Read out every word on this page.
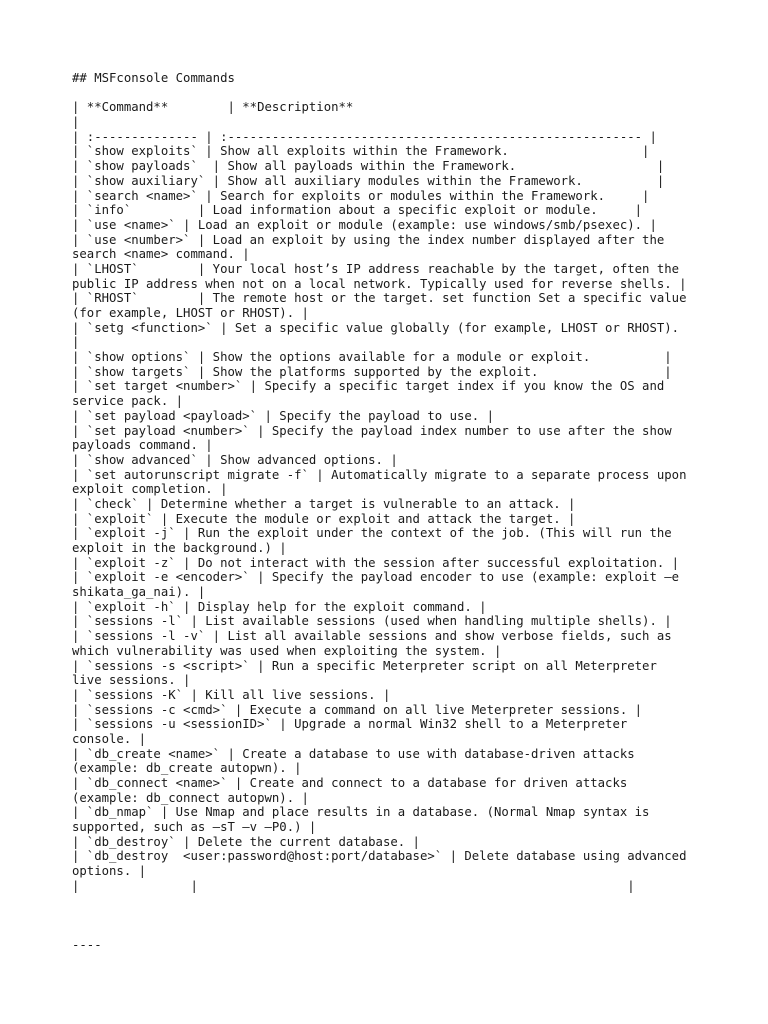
## MSFconsole Commands
| **Command**        | **Description**
|
| :-------------- | :-------------------------------------------------------- |
| `show exploits` | Show all exploits within the Framework.                  |
| `show payloads`  | Show all payloads within the Framework.                   |
| `show auxiliary` | Show all auxiliary modules within the Framework.          |
| `search <name>` | Search for exploits or modules within the Framework.     |
| `info`         | Load information about a specific exploit or module.     |
| `use <name>` | Load an exploit or module (example: use windows/smb/psexec). |
| `use <number>` | Load an exploit by using the index number displayed after the
search <name> command. |
| `LHOST`        | Your local host’s IP address reachable by the target, often the
public IP address when not on a local network. Typically used for reverse shells. |
| `RHOST`        | The remote host or the target. set function Set a specific value
(for example, LHOST or RHOST). |
| `setg <function>` | Set a specific value globally (for example, LHOST or RHOST).
|
| `show options` | Show the options available for a module or exploit.          |
| `show targets` | Show the platforms supported by the exploit.                 |
| `set target <number>` | Specify a specific target index if you know the OS and
service pack. |
| `set payload <payload>` | Specify the payload to use. |
| `set payload <number>` | Specify the payload index number to use after the show
payloads command. |
| `show advanced` | Show advanced options. |
| `set autorunscript migrate -f` | Automatically migrate to a separate process upon
exploit completion. |
| `check` | Determine whether a target is vulnerable to an attack. |
| `exploit` | Execute the module or exploit and attack the target. |
| `exploit -j` | Run the exploit under the context of the job. (This will run the
exploit in the background.) |
| `exploit -z` | Do not interact with the session after successful exploitation. |
| `exploit -e <encoder>` | Specify the payload encoder to use (example: exploit –e
shikata_ga_nai). |
| `exploit -h` | Display help for the exploit command. |
| `sessions -l` | List available sessions (used when handling multiple shells). |
| `sessions -l -v` | List all available sessions and show verbose fields, such as
which vulnerability was used when exploiting the system. |
| `sessions -s <script>` | Run a specific Meterpreter script on all Meterpreter
live sessions. |
| `sessions -K` | Kill all live sessions. |
| `sessions -c <cmd>` | Execute a command on all live Meterpreter sessions. |
| `sessions -u <sessionID>` | Upgrade a normal Win32 shell to a Meterpreter
console. |
| `db_create <name>` | Create a database to use with database-driven attacks
(example: db_create autopwn). |
| `db_connect <name>` | Create and connect to a database for driven attacks
(example: db_connect autopwn). |
| `db_nmap` | Use Nmap and place results in a database. (Normal Nmap syntax is
supported, such as –sT –v –P0.) |
| `db_destroy` | Delete the current database. |
| `db_destroy  <user:password@host:port/database>` | Delete database using advanced
options. |
|               |                                                          |
----
